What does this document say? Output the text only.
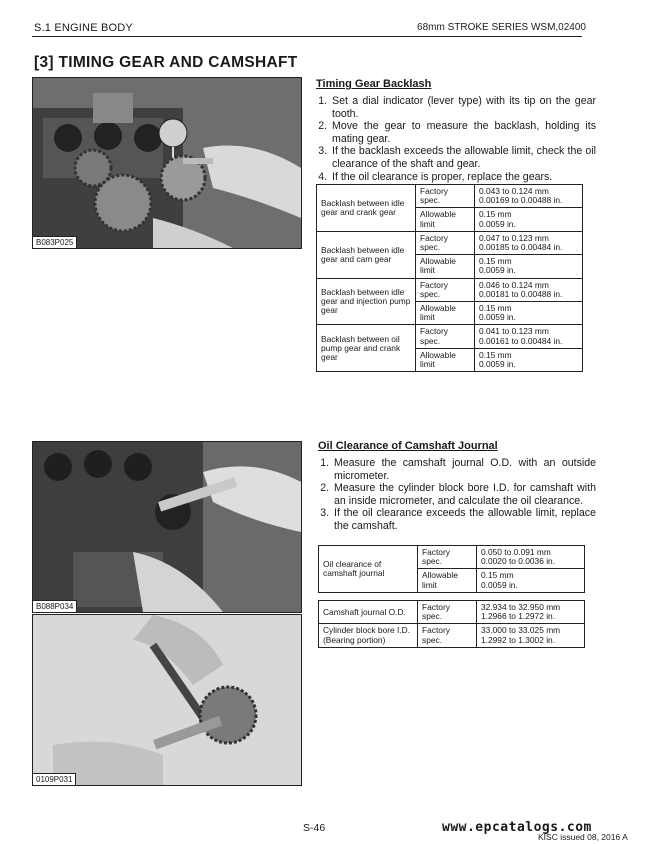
S.1 ENGINE BODY	68mm STROKE SERIES WSM,02400
[3] TIMING GEAR AND CAMSHAFT
B083P025
Timing Gear Backlash
1. Set a dial indicator (lever type) with its tip on the gear tooth.
2. Move the gear to measure the backlash, holding its mating gear.
3. If the backlash exceeds the allowable limit, check the oil clearance of the shaft and gear.
4. If the oil clearance is proper, replace the gears.
Backlash between idle gear and crank gear	Factory spec.	0.043 to 0.124 mm
0.00169 to 0.00488 in.
	Allowable limit	0.15 mm
0.0059 in.
Backlash between idle gear and cam gear	Factory spec.	0.047 to 0.123 mm
0.00185 to 0.00484 in.
	Allowable limit	0.15 mm
0.0059 in.
Backlash between idle gear and injection pump gear	Factory spec.	0.046 to 0.124 mm
0.00181 to 0.00488 in.
	Allowable limit	0.15 mm
0.0059 in.
Backlash between oil pump gear and crank gear	Factory spec.	0.041 to 0.123 mm
0.00161 to 0.00484 in.
	Allowable limit	0.15 mm
0.0059 in.
B088P034
0109P031
Oil Clearance of Camshaft Journal
1. Measure the camshaft journal O.D. with an outside micrometer.
2. Measure the cylinder block bore I.D. for camshaft with an inside micrometer, and calculate the oil clearance.
3. If the oil clearance exceeds the allowable limit, replace the camshaft.
Oil clearance of camshaft journal	Factory spec.	0.050 to 0.091 mm
0.0020 to 0.0036 in.
	Allowable limit	0.15 mm
0.0059 in.
Camshaft journal O.D.	Factory spec.	32.934 to 32.950 mm
1.2966 to 1.2972 in.
Cylinder block bore I.D. (Bearing portion)	Factory spec.	33.000 to 33.025 mm
1.2992 to 1.3002 in.
S-46	www.epcatalogs.com
KISC issued 08, 2016 A
